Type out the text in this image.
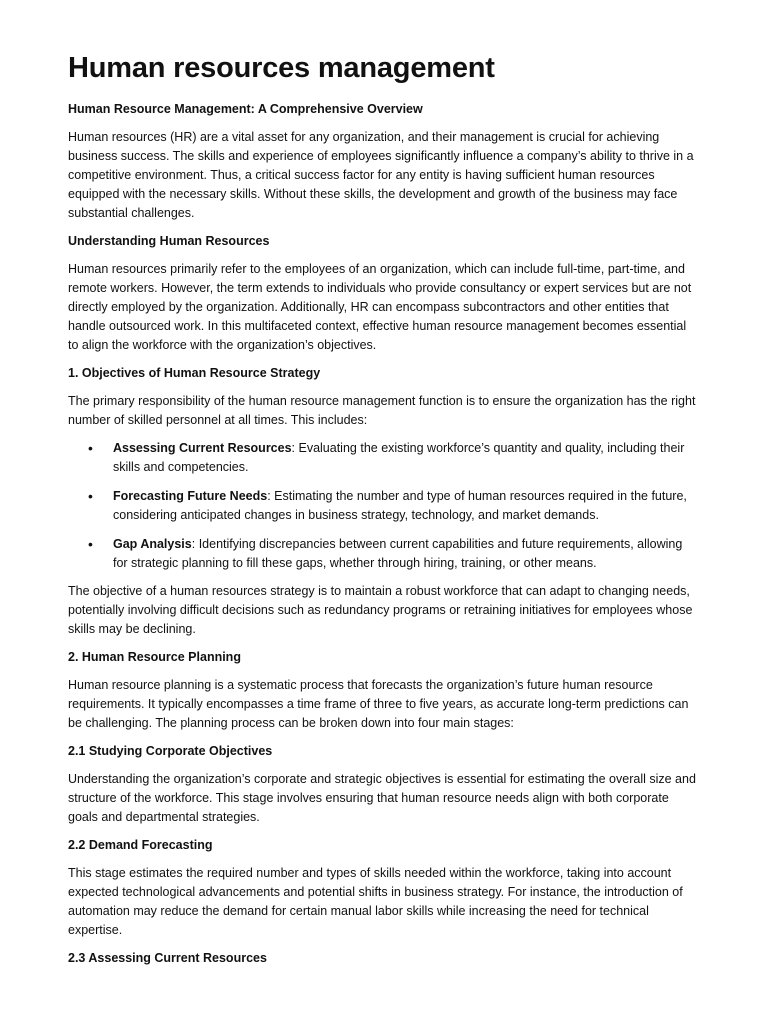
Human resources management
Human Resource Management: A Comprehensive Overview

Human resources (HR) are a vital asset for any organization, and their management is crucial for achieving business success. The skills and experience of employees significantly influence a company’s ability to thrive in a competitive environment. Thus, a critical success factor for any entity is having sufficient human resources equipped with the necessary skills. Without these skills, the development and growth of the business may face substantial challenges.

Understanding Human Resources

Human resources primarily refer to the employees of an organization, which can include full-time, part-time, and remote workers. However, the term extends to individuals who provide consultancy or expert services but are not directly employed by the organization. Additionally, HR can encompass subcontractors and other entities that handle outsourced work. In this multifaceted context, effective human resource management becomes essential to align the workforce with the organization’s objectives.

1. Objectives of Human Resource Strategy

The primary responsibility of the human resource management function is to ensure the organization has the right number of skilled personnel at all times. This includes:

• Assessing Current Resources: Evaluating the existing workforce’s quantity and quality, including their skills and competencies.
• Forecasting Future Needs: Estimating the number and type of human resources required in the future, considering anticipated changes in business strategy, technology, and market demands.
• Gap Analysis: Identifying discrepancies between current capabilities and future requirements, allowing for strategic planning to fill these gaps, whether through hiring, training, or other means.

The objective of a human resources strategy is to maintain a robust workforce that can adapt to changing needs, potentially involving difficult decisions such as redundancy programs or retraining initiatives for employees whose skills may be declining.

2. Human Resource Planning

Human resource planning is a systematic process that forecasts the organization’s future human resource requirements. It typically encompasses a time frame of three to five years, as accurate long-term predictions can be challenging. The planning process can be broken down into four main stages:

2.1 Studying Corporate Objectives

Understanding the organization’s corporate and strategic objectives is essential for estimating the overall size and structure of the workforce. This stage involves ensuring that human resource needs align with both corporate goals and departmental strategies.

2.2 Demand Forecasting

This stage estimates the required number and types of skills needed within the workforce, taking into account expected technological advancements and potential shifts in business strategy. For instance, the introduction of automation may reduce the demand for certain manual labor skills while increasing the need for technical expertise.

2.3 Assessing Current Resources
